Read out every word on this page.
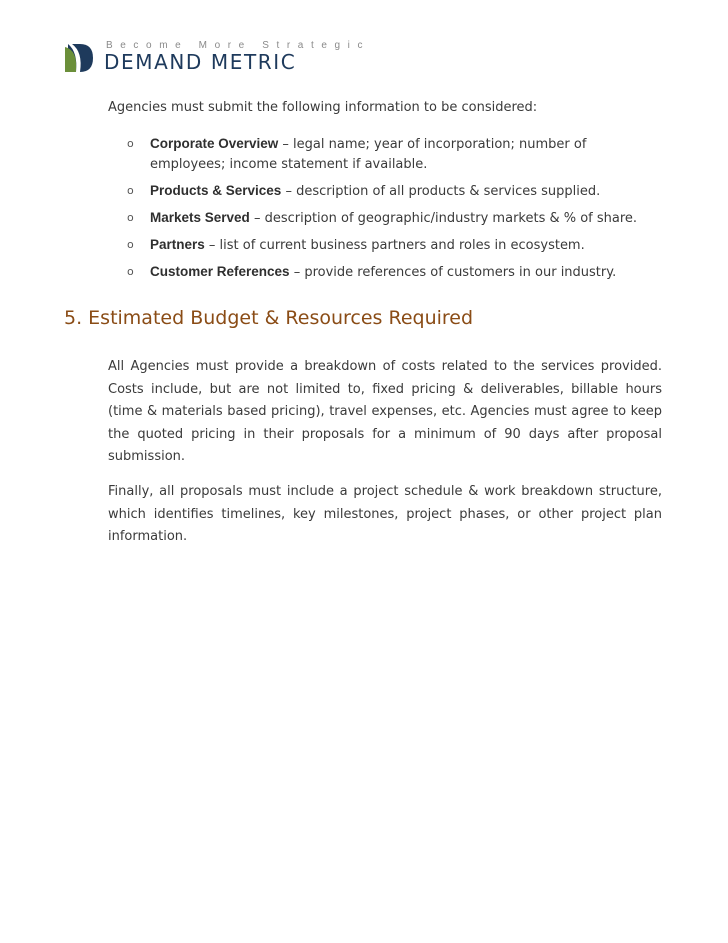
Become More Strategic
DEMAND METRIC
Agencies must submit the following information to be considered:
o Corporate Overview – legal name; year of incorporation; number of employees; income statement if available.
o Products & Services – description of all products & services supplied.
o Markets Served – description of geographic/industry markets & % of share.
o Partners – list of current business partners and roles in ecosystem.
o Customer References – provide references of customers in our industry.
5. Estimated Budget & Resources Required

All Agencies must provide a breakdown of costs related to the services provided. Costs include, but are not limited to, fixed pricing & deliverables, billable hours (time & materials based pricing), travel expenses, etc. Agencies must agree to keep the quoted pricing in their proposals for a minimum of 90 days after proposal submission.

Finally, all proposals must include a project schedule & work breakdown structure, which identifies timelines, key milestones, project phases, or other project plan information.
